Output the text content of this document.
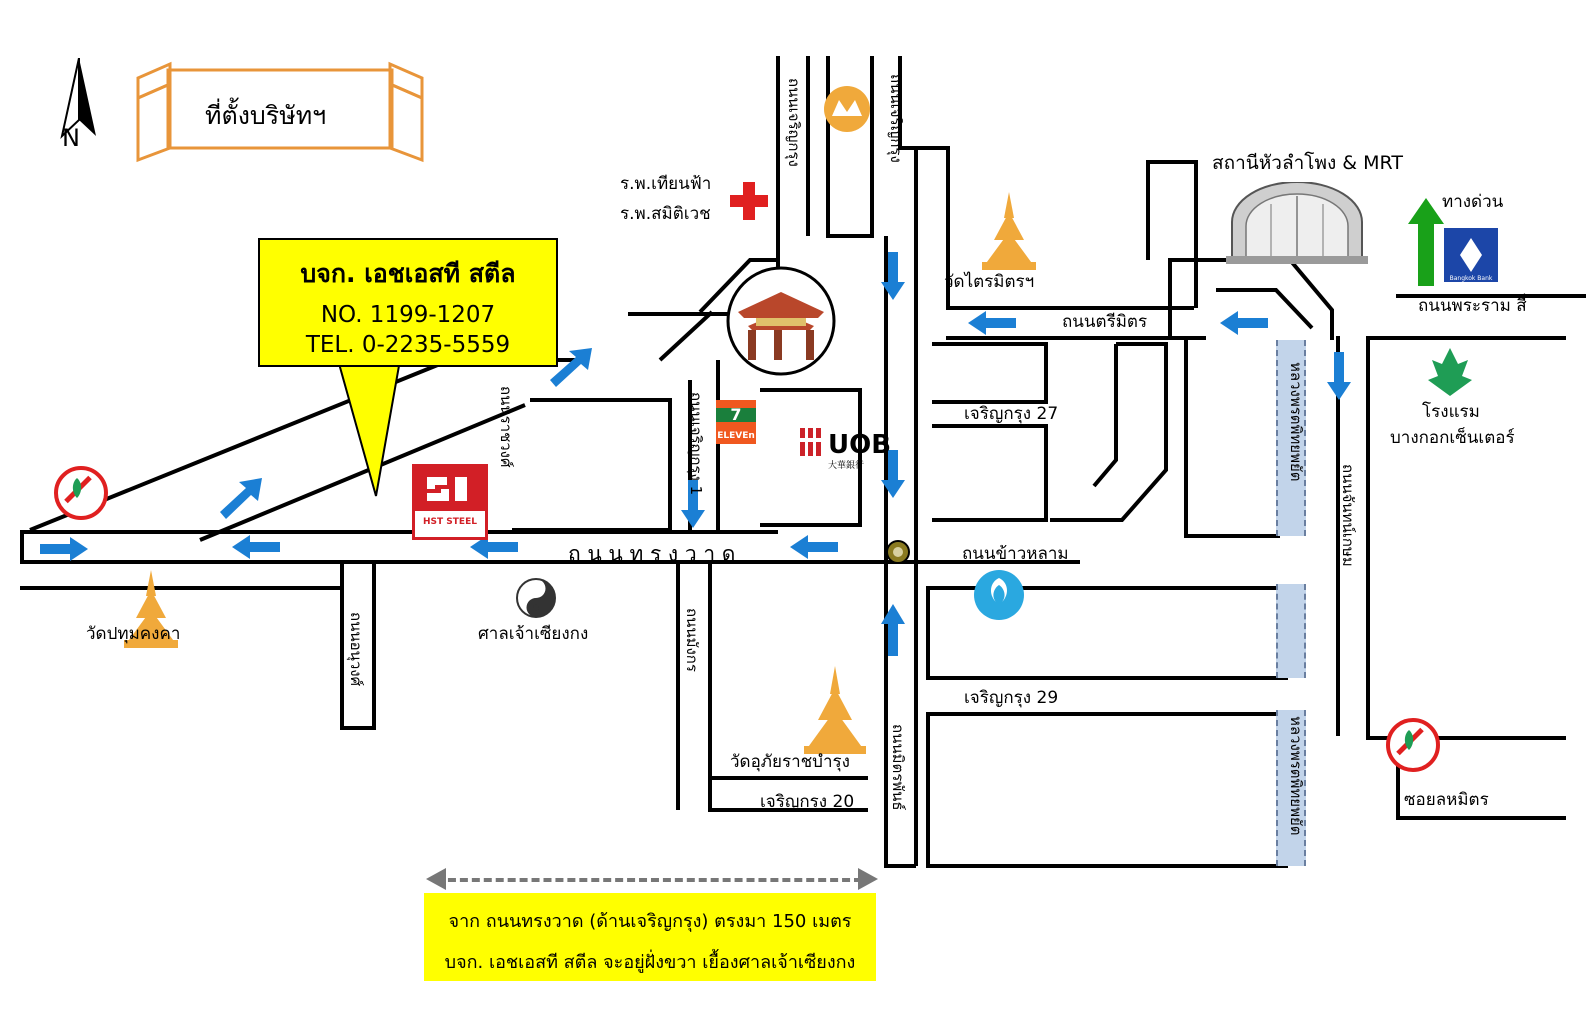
N
ที่ตั้งบริษัทฯ
7
ELEVEn	UOB
大華銀行
Bangkok Bank
HST STEEL
บจก. เอชเอสที สตีล
NO. 1199-1207
TEL. 0-2235-5559
ร.พ.เทียนฟ้า
ร.พ.สมิติเวช
วัดไตรมิตรฯ
สถานีหัวลำโพง & MRT
ทางด่วน
ถนนพระราม สี่
โรงแรม
บางกอกเซ็นเตอร์
ถนนตรีมิตร
เจริญกรุง 27
เจริญกรุง 29
เจริญกรุง 20
ถ น น ท ร ง ว า ด	ถนนข้าวหลาม
วัดปทุมคงคา	ศาลเจ้าเซียงกง
วัดอุภัยราชบำรุง
ซอยลหมิตร
ถนนเจริญกรุง	ถนนเจริญกรุง
ถนนราชวงศ์	ถนนเจริญกรุง 1
ถนนอนุวงศ์	ถนนมังกร
ถนนมิตรพันธ์
หลวงพรตพิทยพยัต
หลวงพรตพิทยพยัต
ถนนจันทน์เกษม
จาก ถนนทรงวาด (ด้านเจริญกรุง) ตรงมา 150 เมตร
บจก. เอชเอสที สตีล จะอยู่ฝั่งขวา เยื้องศาลเจ้าเซียงกง
